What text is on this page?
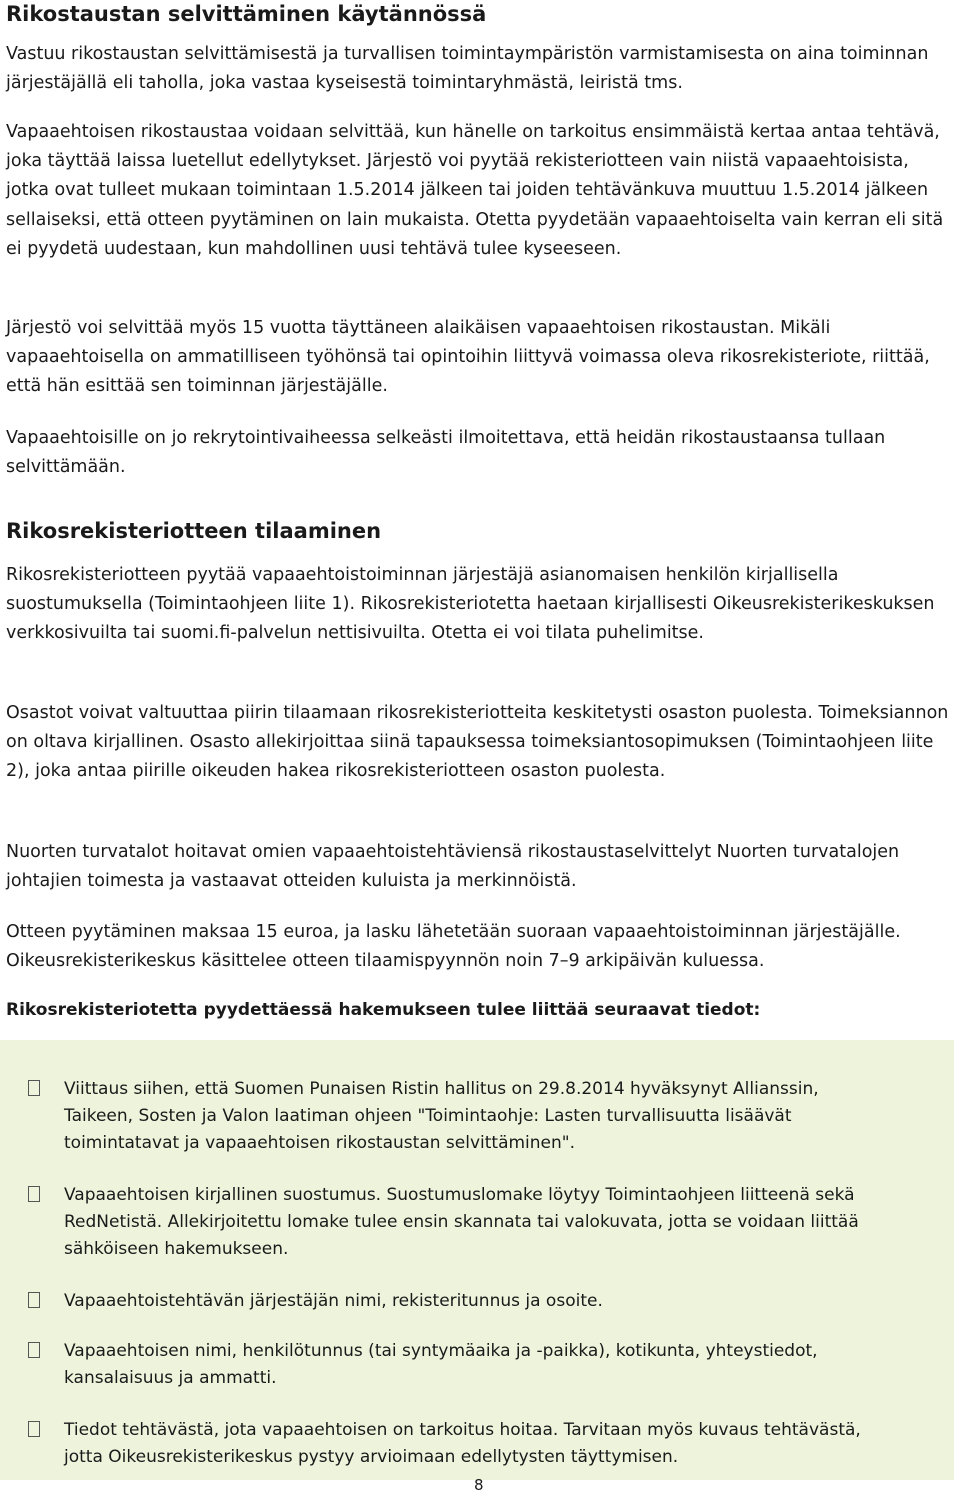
Rikostaustan selvittäminen käytännössä

Vastuu rikostaustan selvittämisestä ja turvallisen toimintaympäristön varmistamisesta on aina toiminnan järjestäjällä eli taholla, joka vastaa kyseisestä toimintaryhmästä, leiristä tms.

Vapaaehtoisen rikostaustaa voidaan selvittää, kun hänelle on tarkoitus ensimmäistä kertaa antaa tehtävä, joka täyttää laissa luetellut edellytykset. Järjestö voi pyytää rekisteriotteen vain niistä vapaaehtoisista, jotka ovat tulleet mukaan toimintaan 1.5.2014 jälkeen tai joiden tehtävänkuva muuttuu 1.5.2014 jälkeen sellaiseksi, että otteen pyytäminen on lain mukaista. Otetta pyydetään vapaaehtoiselta vain kerran eli sitä ei pyydetä uudestaan, kun mahdollinen uusi tehtävä tulee kyseeseen.

Järjestö voi selvittää myös 15 vuotta täyttäneen alaikäisen vapaaehtoisen rikostaustan. Mikäli vapaaehtoisella on ammatilliseen työhönsä tai opintoihin liittyvä voimassa oleva rikosrekisteriote, riittää, että hän esittää sen toiminnan järjestäjälle.

Vapaaehtoisille on jo rekrytointivaiheessa selkeästi ilmoitettava, että heidän rikostaustaansa tullaan selvittämään.

Rikosrekisteriotteen tilaaminen

Rikosrekisteriotteen pyytää vapaaehtoistoiminnan järjestäjä asianomaisen henkilön kirjallisella suostumuksella (Toimintaohjeen liite 1). Rikosrekisteriotetta haetaan kirjallisesti Oikeusrekisterikeskuksen verkkosivuilta tai suomi.fi-palvelun nettisivuilta. Otetta ei voi tilata puhelimitse.

Osastot voivat valtuuttaa piirin tilaamaan rikosrekisteriotteita keskitetysti osaston puolesta. Toimeksiannon on oltava kirjallinen. Osasto allekirjoittaa siinä tapauksessa toimeksiantosopimuksen (Toimintaohjeen liite 2), joka antaa piirille oikeuden hakea rikosrekisteriotteen osaston puolesta.

Nuorten turvatalot hoitavat omien vapaaehtoistehtäviensä rikostaustaselvittelyt Nuorten turvatalojen johtajien toimesta ja vastaavat otteiden kuluista ja merkinnöistä.

Otteen pyytäminen maksaa 15 euroa, ja lasku lähetetään suoraan vapaaehtoistoiminnan järjestäjälle. Oikeusrekisterikeskus käsittelee otteen tilaamispyynnön noin 7–9 arkipäivän kuluessa.

Rikosrekisteriotetta pyydettäessä hakemukseen tulee liittää seuraavat tiedot:

Viittaus siihen, että Suomen Punaisen Ristin hallitus on 29.8.2014 hyväksynyt Allianssin, Taikeen, Sosten ja Valon laatiman ohjeen "Toimintaohje: Lasten turvallisuutta lisäävät toimintatavat ja vapaaehtoisen rikostaustan selvittäminen".

Vapaaehtoisen kirjallinen suostumus. Suostumuslomake löytyy Toimintaohjeen liitteenä sekä RedNetistä. Allekirjoitettu lomake tulee ensin skannata tai valokuvata, jotta se voidaan liittää sähköiseen hakemukseen.

Vapaaehtoistehtävän järjestäjän nimi, rekisteritunnus ja osoite.

Vapaaehtoisen nimi, henkilötunnus (tai syntymäaika ja -paikka), kotikunta, yhteystiedot, kansalaisuus ja ammatti.

Tiedot tehtävästä, jota vapaaehtoisen on tarkoitus hoitaa. Tarvitaan myös kuvaus tehtävästä, jotta Oikeusrekisterikeskus pystyy arvioimaan edellytysten täyttymisen.

8
